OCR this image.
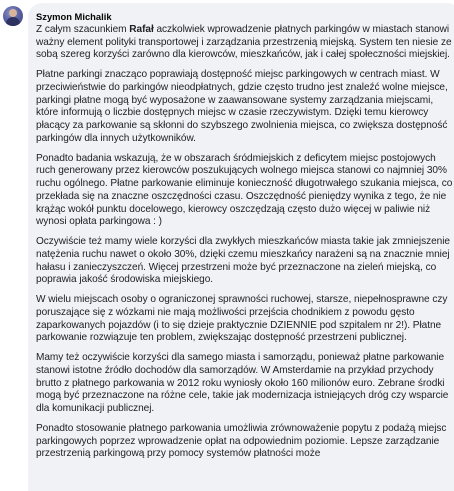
Szymon Michalik
Z całym szacunkiem Rafał aczkolwiek wprowadzenie płatnych parkingów w miastach stanowi ważny element polityki transportowej i zarządzania przestrzenią miejską. System ten niesie ze sobą szereg korzyści zarówno dla kierowców, mieszkańców, jak i całej społeczności miejskiej.
Płatne parkingi znacząco poprawiają dostępność miejsc parkingowych w centrach miast. W przeciwieństwie do parkingów nieodpłatnych, gdzie często trudno jest znaleźć wolne miejsce, parkingi płatne mogą być wyposażone w zaawansowane systemy zarządzania miejscami, które informują o liczbie dostępnych miejsc w czasie rzeczywistym. Dzięki temu kierowcy płacący za parkowanie są skłonni do szybszego zwolnienia miejsca, co zwiększa dostępność parkingów dla innych użytkowników.
Ponadto badania wskazują, że w obszarach śródmiejskich z deficytem miejsc postojowych ruch generowany przez kierowców poszukujących wolnego miejsca stanowi co najmniej 30% ruchu ogólnego. Płatne parkowanie eliminuje konieczność długotrwałego szukania miejsca, co przekłada się na znaczne oszczędności czasu. Oszczędność pieniędzy wynika z tego, że nie krążąc wokół punktu docelowego, kierowcy oszczędzają często dużo więcej w paliwie niż wynosi opłata parkingowa : )
Oczywiście też mamy wiele korzyści dla zwykłych mieszkańców miasta takie jak zmniejszenie natężenia ruchu nawet o około 30%, dzięki czemu mieszkańcy narażeni są na znacznie mniej hałasu i zanieczyszczeń. Więcej przestrzeni może być przeznaczone na zieleń miejską, co poprawia jakość środowiska miejskiego.
W wielu miejscach osoby o ograniczonej sprawności ruchowej, starsze, niepełnosprawne czy poruszające się z wózkami nie mają możliwości przejścia chodnikiem z powodu gęsto zaparkowanych pojazdów (i to się dzieje praktycznie DZIENNIE pod szpitalem nr 2!). Płatne parkowanie rozwiązuje ten problem, zwiększając dostępność przestrzeni publicznej.
Mamy też oczywiście korzyści dla samego miasta i samorządu, ponieważ płatne parkowanie stanowi istotne źródło dochodów dla samorządów. W Amsterdamie na przykład przychody brutto z płatnego parkowania w 2012 roku wyniosły około 160 milionów euro. Zebrane środki mogą być przeznaczone na różne cele, takie jak modernizacja istniejących dróg czy wsparcie dla komunikacji publicznej.
Ponadto stosowanie płatnego parkowania umożliwia zrównoważenie popytu z podażą miejsc parkingowych poprzez wprowadzenie opłat na odpowiednim poziomie. Lepsze zarządzanie przestrzenią parkingową przy pomocy systemów płatności może
